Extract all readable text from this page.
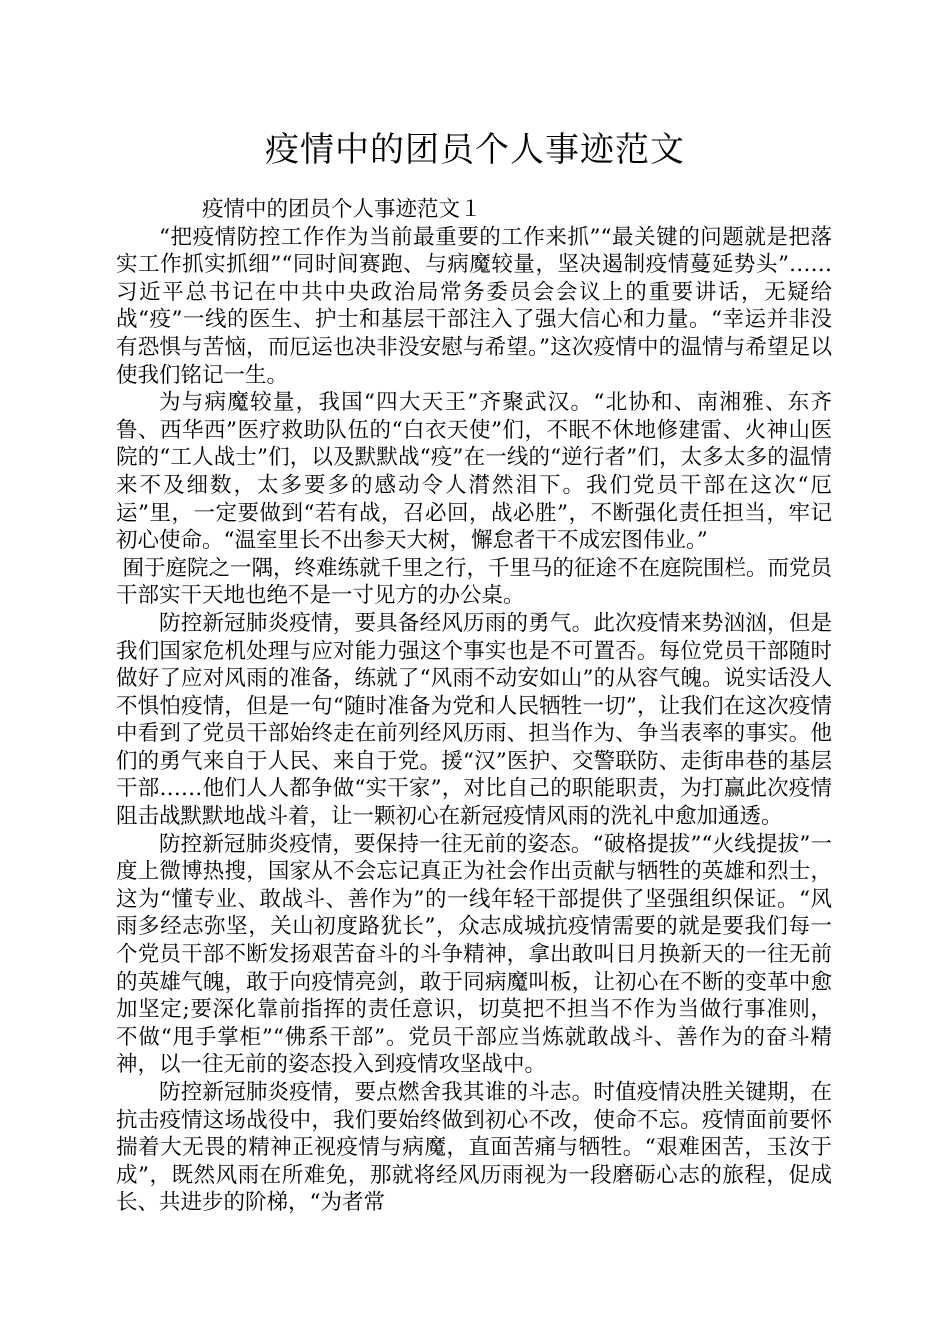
疫情中的团员个人事迹范文

疫情中的团员个人事迹范文１

“把疫情防控工作作为当前最重要的工作来抓”“最关键的问题就是把落实工作抓实抓细”“同时间赛跑、与病魔较量，坚决遏制疫情蔓延势头”……习近平总书记在中共中央政治局常务委员会会议上的重要讲话，无疑给战“疫”一线的医生、护士和基层干部注入了强大信心和力量。“幸运并非没有恐惧与苦恼，而厄运也决非没安慰与希望。”这次疫情中的温情与希望足以使我们铭记一生。

为与病魔较量，我国“四大天王”齐聚武汉。“北协和、南湘雅、东齐鲁、西华西”医疗救助队伍的“白衣天使”们，不眠不休地修建雷、火神山医院的“工人战士”们，以及默默战“疫”在一线的“逆行者”们，太多太多的温情来不及细数，太多要多的感动令人潸然泪下。我们党员干部在这次“厄运”里，一定要做到“若有战，召必回，战必胜”，不断强化责任担当，牢记初心使命。“温室里长不出参天大树，懈怠者干不成宏图伟业。”

囿于庭院之一隅，终难练就千里之行，千里马的征途不在庭院围栏。而党员干部实干天地也绝不是一寸见方的办公桌。

防控新冠肺炎疫情，要具备经风历雨的勇气。此次疫情来势汹汹，但是我们国家危机处理与应对能力强这个事实也是不可置否。每位党员干部随时做好了应对风雨的准备，练就了“风雨不动安如山”的从容气魄。说实话没人不惧怕疫情，但是一句“随时准备为党和人民牺牲一切”，让我们在这次疫情中看到了党员干部始终走在前列经风历雨、担当作为、争当表率的事实。他们的勇气来自于人民、来自于党。援“汉”医护、交警联防、走街串巷的基层干部……他们人人都争做“实干家”，对比自己的职能职责，为打赢此次疫情阻击战默默地战斗着，让一颗初心在新冠疫情风雨的洗礼中愈加通透。

防控新冠肺炎疫情，要保持一往无前的姿态。“破格提拔”“火线提拔”一度上微博热搜，国家从不会忘记真正为社会作出贡献与牺牲的英雄和烈士，这为“懂专业、敢战斗、善作为”的一线年轻干部提供了坚强组织保证。“风雨多经志弥坚，关山初度路犹长”，众志成城抗疫情需要的就是要我们每一个党员干部不断发扬艰苦奋斗的斗争精神，拿出敢叫日月换新天的一往无前的英雄气魄，敢于向疫情亮剑，敢于同病魔叫板，让初心在不断的变革中愈加坚定;要深化靠前指挥的责任意识，切莫把不担当不作为当做行事准则，不做“甩手掌柜”“佛系干部”。党员干部应当炼就敢战斗、善作为的奋斗精神，以一往无前的姿态投入到疫情攻坚战中。

防控新冠肺炎疫情，要点燃舍我其谁的斗志。时值疫情决胜关键期，在抗击疫情这场战役中，我们要始终做到初心不改，使命不忘。疫情面前要怀揣着大无畏的精神正视疫情与病魔，直面苦痛与牺牲。“艰难困苦，玉汝于成”，既然风雨在所难免，那就将经风历雨视为一段磨砺心志的旅程，促成长、共进步的阶梯，“为者常
